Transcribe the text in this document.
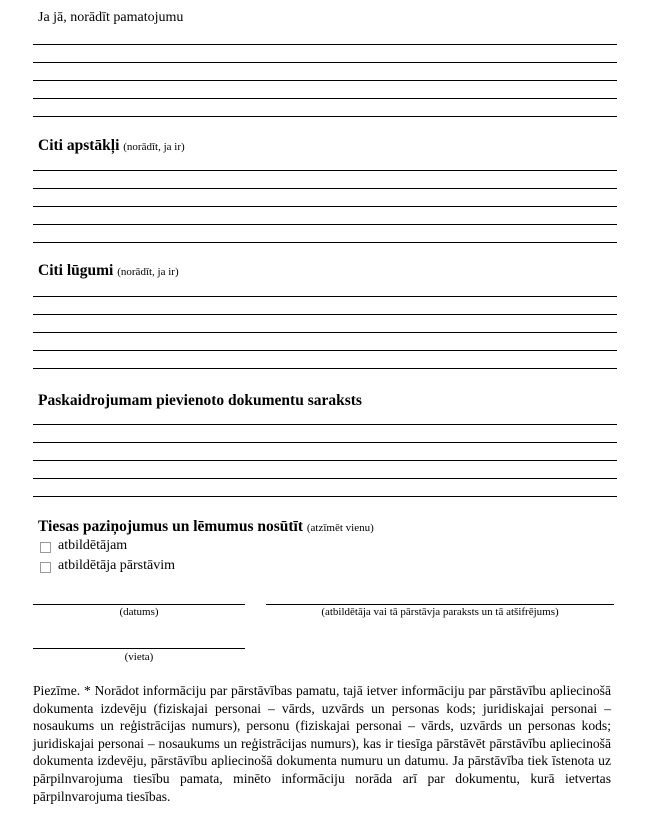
Ja jā, norādīt pamatojumu
Citi apstākļi (norādīt, ja ir)
Citi lūgumi (norādīt, ja ir)
Paskaidrojumam pievienoto dokumentu saraksts
Tiesas paziņojumus un lēmumus nosūtīt (atzīmēt vienu)
atbildētājam
atbildētāja pārstāvim
(datums)	(atbildētāja vai tā pārstāvja paraksts un tā atšifrējums)
(vieta)
Piezīme. * Norādot informāciju par pārstāvības pamatu, tajā ietver informāciju par pārstāvību apliecinošā dokumenta izdevēju (fiziskajai personai – vārds, uzvārds un personas kods; juridiskajai personai – nosaukums un reģistrācijas numurs), personu (fiziskajai personai – vārds, uzvārds un personas kods; juridiskajai personai – nosaukums un reģistrācijas numurs), kas ir tiesīga pārstāvēt pārstāvību apliecinošā dokumenta izdevēju, pārstāvību apliecinošā dokumenta numuru un datumu. Ja pārstāvība tiek īstenota uz pārpilnvarojuma tiesību pamata, minēto informāciju norāda arī par dokumentu, kurā ietvertas pārpilnvarojuma tiesības.
